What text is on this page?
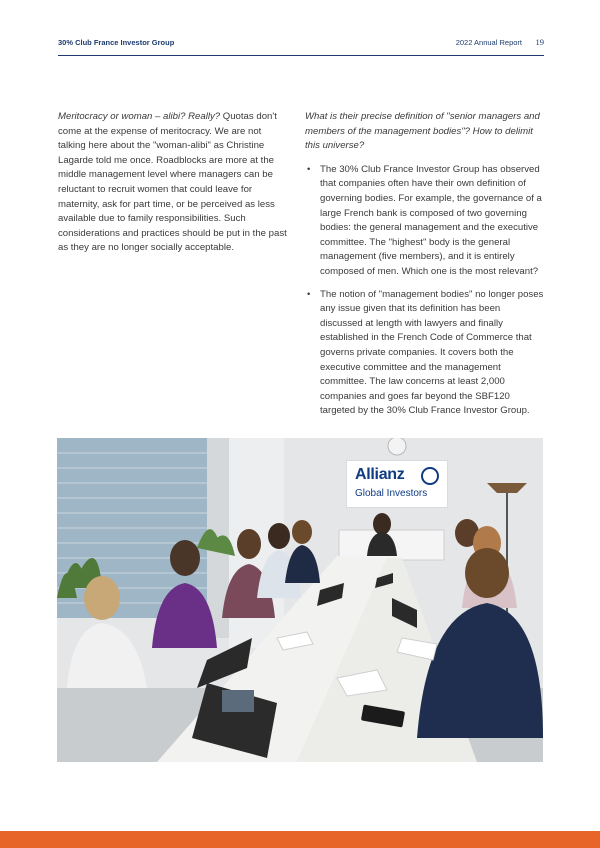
30% Club France Investor Group	2022 Annual Report 19

Meritocracy or woman – alibi? Really? Quotas don't come at the expense of meritocracy. We are not talking here about the "woman-alibi" as Christine Lagarde told me once. Roadblocks are more at the middle management level where managers can be reluctant to recruit women that could leave for maternity, ask for part time, or be perceived as less available due to family responsibilities. Such considerations and practices should be put in the past as they are no longer socially acceptable.

What is their precise definition of "senior managers and members of the management bodies"? How to delimit this universe?

• The 30% Club France Investor Group has observed that companies often have their own definition of governing bodies. For example, the governance of a large French bank is composed of two governing bodies: the general management and the executive committee. The "highest" body is the general management (five members), and it is entirely composed of men. Which one is the most relevant?
• The notion of "management bodies" no longer poses any issue given that its definition has been discussed at length with lawyers and finally established in the French Code of Commerce that governs private companies. It covers both the executive committee and the management committee. The law concerns at least 2,000 companies and goes far beyond the SBF120 targeted by the 30% Club France Investor Group.
Allianz
Global Investors
